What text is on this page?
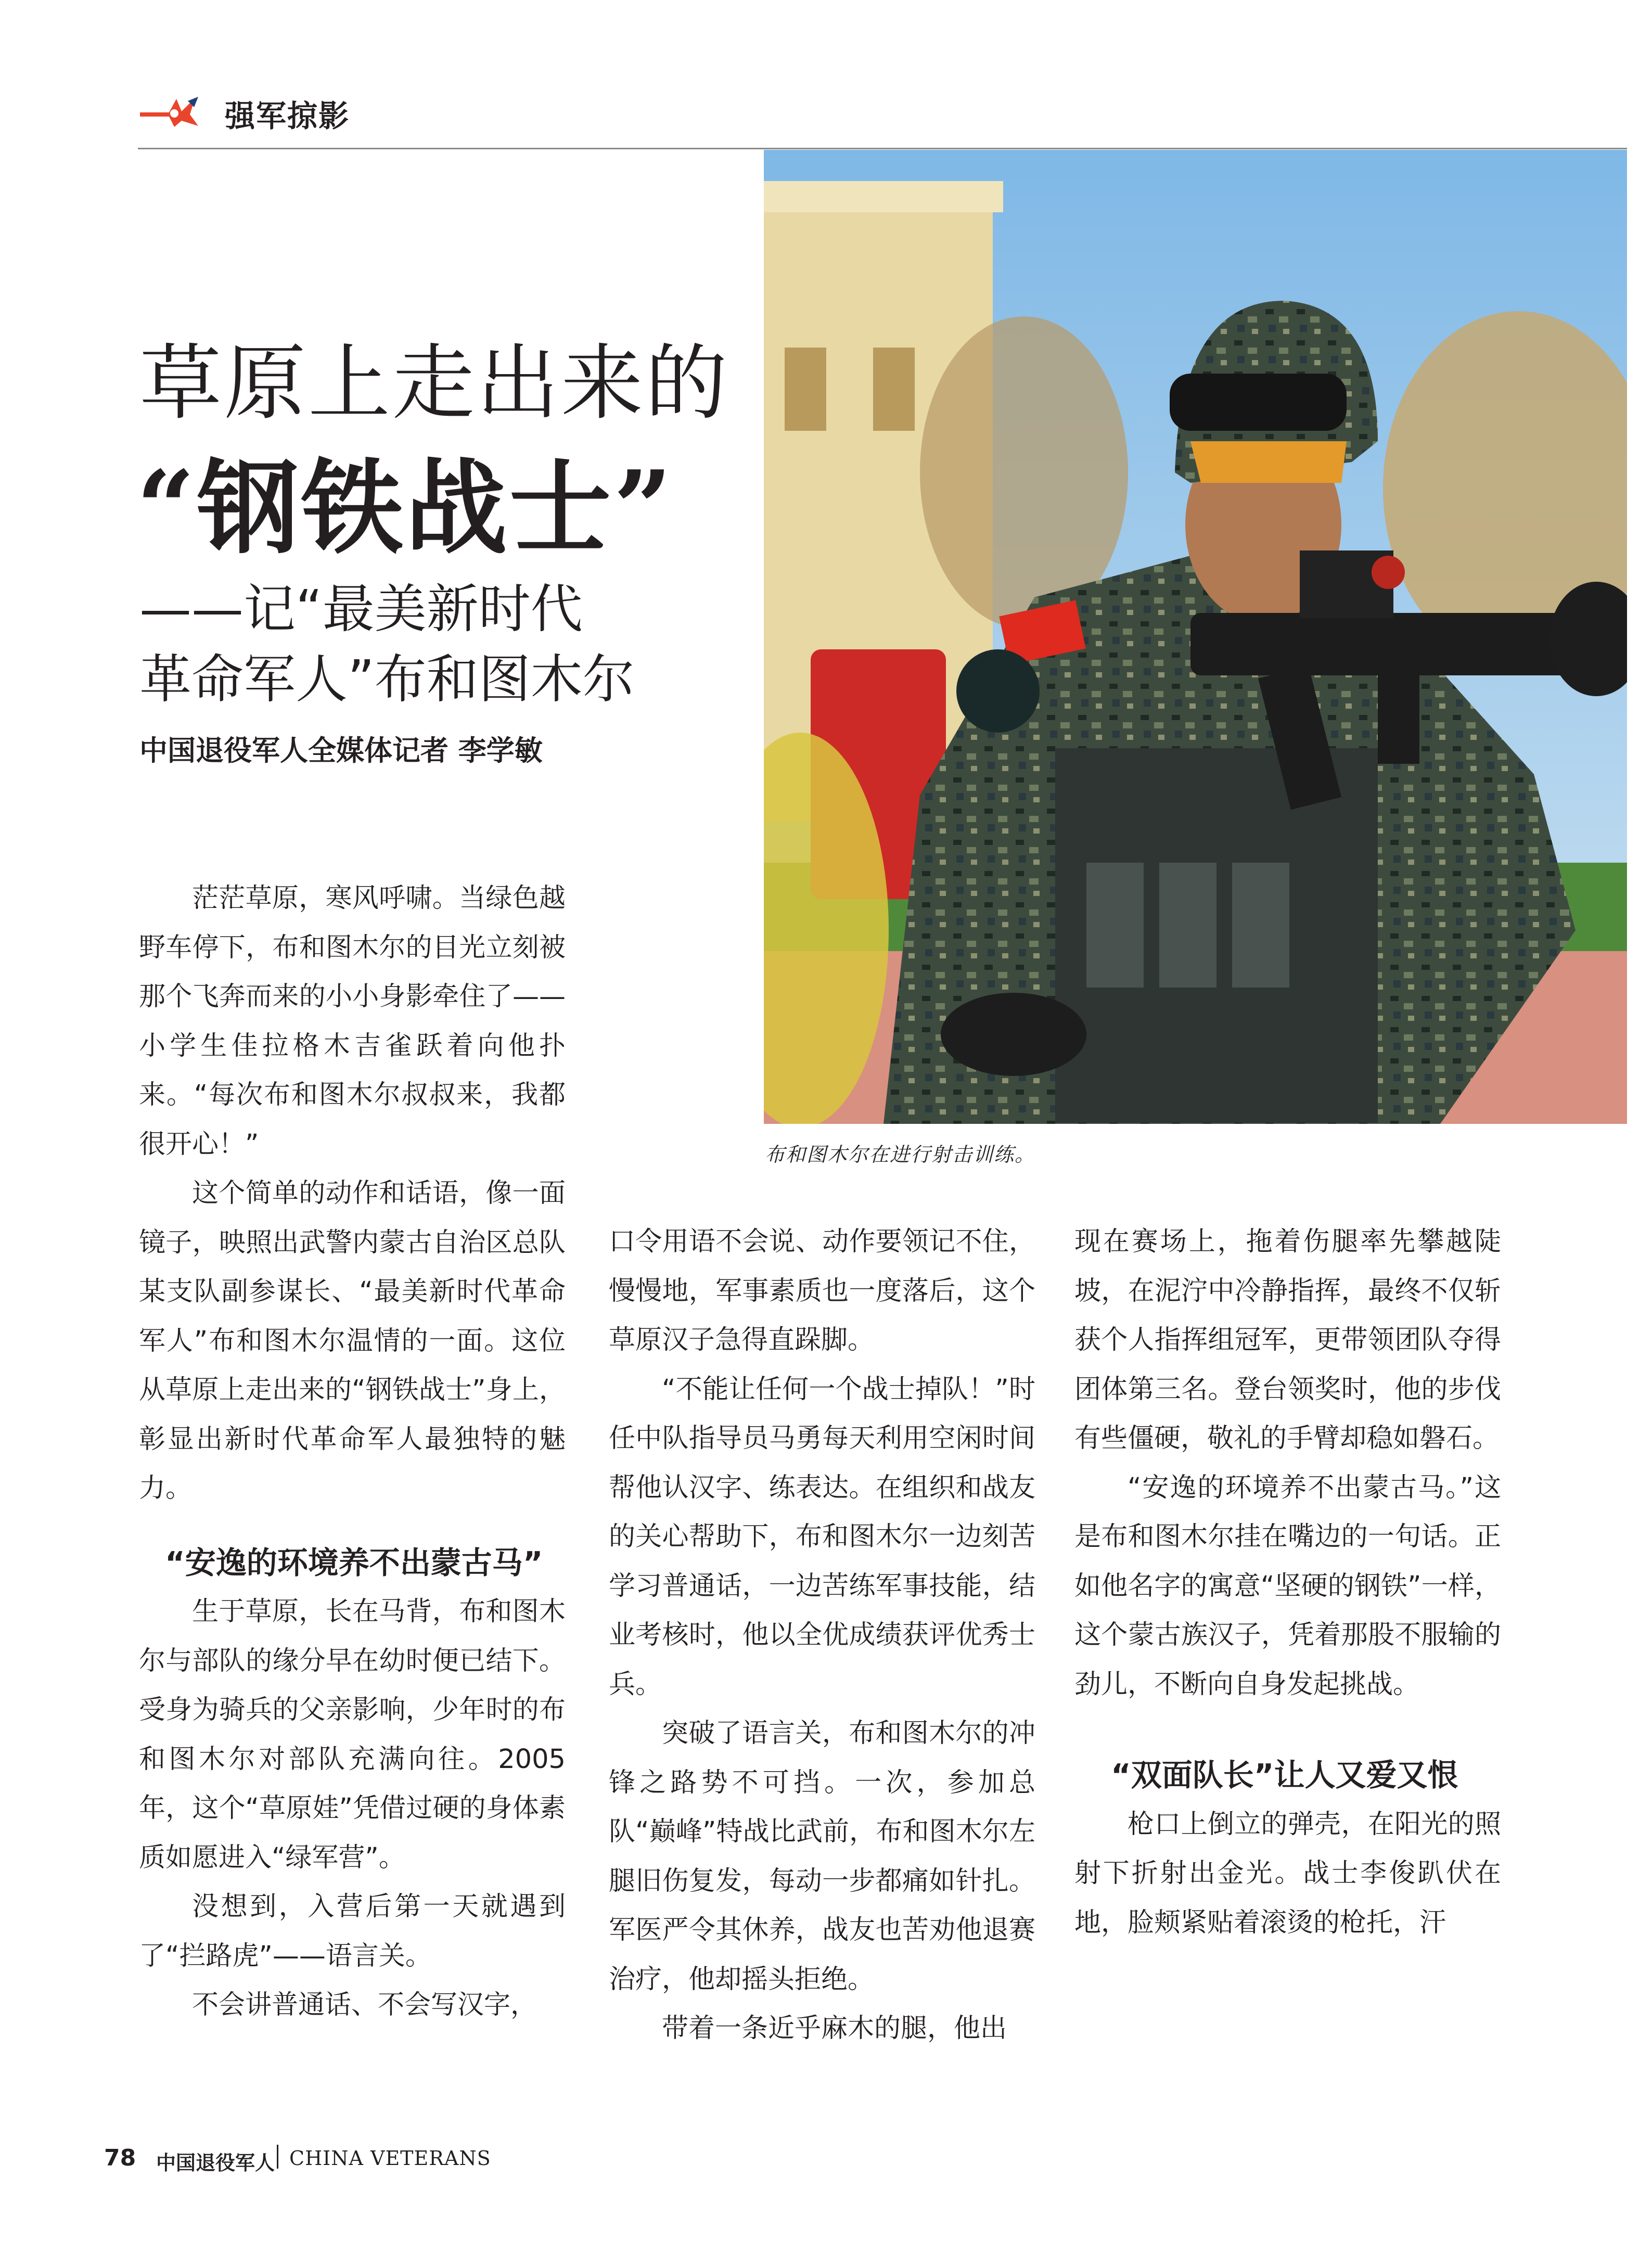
强军掠影
草原上走出来的
“钢铁战士”
——记“最美新时代
革命军人”布和图木尔
中国退役军人全媒体记者 李学敏
布和图木尔在进行射击训练。

茫茫草原，寒风呼啸。当绿色越野车停下，布和图木尔的目光立刻被那个飞奔而来的小小身影牵住了——小学生佳拉格木吉雀跃着向他扑来。“每次布和图木尔叔叔来，我都很开心！”

这个简单的动作和话语，像一面镜子，映照出武警内蒙古自治区总队某支队副参谋长、“最美新时代革命军人”布和图木尔温情的一面。这位从草原上走出来的“钢铁战士”身上，彰显出新时代革命军人最独特的魅力。

“安逸的环境养不出蒙古马”

生于草原，长在马背，布和图木尔与部队的缘分早在幼时便已结下。受身为骑兵的父亲影响，少年时的布和图木尔对部队充满向往。2005 年，这个“草原娃”凭借过硬的身体素质如愿进入“绿军营”。

没想到，入营后第一天就遇到了“拦路虎”——语言关。

不会讲普通话、不会写汉字，

口令用语不会说、动作要领记不住，慢慢地，军事素质也一度落后，这个草原汉子急得直跺脚。

“不能让任何一个战士掉队！”时任中队指导员马勇每天利用空闲时间帮他认汉字、练表达。在组织和战友的关心帮助下，布和图木尔一边刻苦学习普通话，一边苦练军事技能，结业考核时，他以全优成绩获评优秀士兵。

突破了语言关，布和图木尔的冲锋之路势不可挡。一次，参加总队“巅峰”特战比武前，布和图木尔左腿旧伤复发，每动一步都痛如针扎。军医严令其休养，战友也苦劝他退赛治疗，他却摇头拒绝。

带着一条近乎麻木的腿，他出

现在赛场上，拖着伤腿率先攀越陡坡，在泥泞中冷静指挥，最终不仅斩获个人指挥组冠军，更带领团队夺得团体第三名。登台领奖时，他的步伐有些僵硬，敬礼的手臂却稳如磐石。

“安逸的环境养不出蒙古马。”这是布和图木尔挂在嘴边的一句话。正如他名字的寓意“坚硬的钢铁”一样，这个蒙古族汉子，凭着那股不服输的劲儿，不断向自身发起挑战。

“双面队长”让人又爱又恨

枪口上倒立的弹壳，在阳光的照射下折射出金光。战士李俊趴伏在地，脸颊紧贴着滚烫的枪托，汗

78 中国退役军人 CHINA VETERANS
